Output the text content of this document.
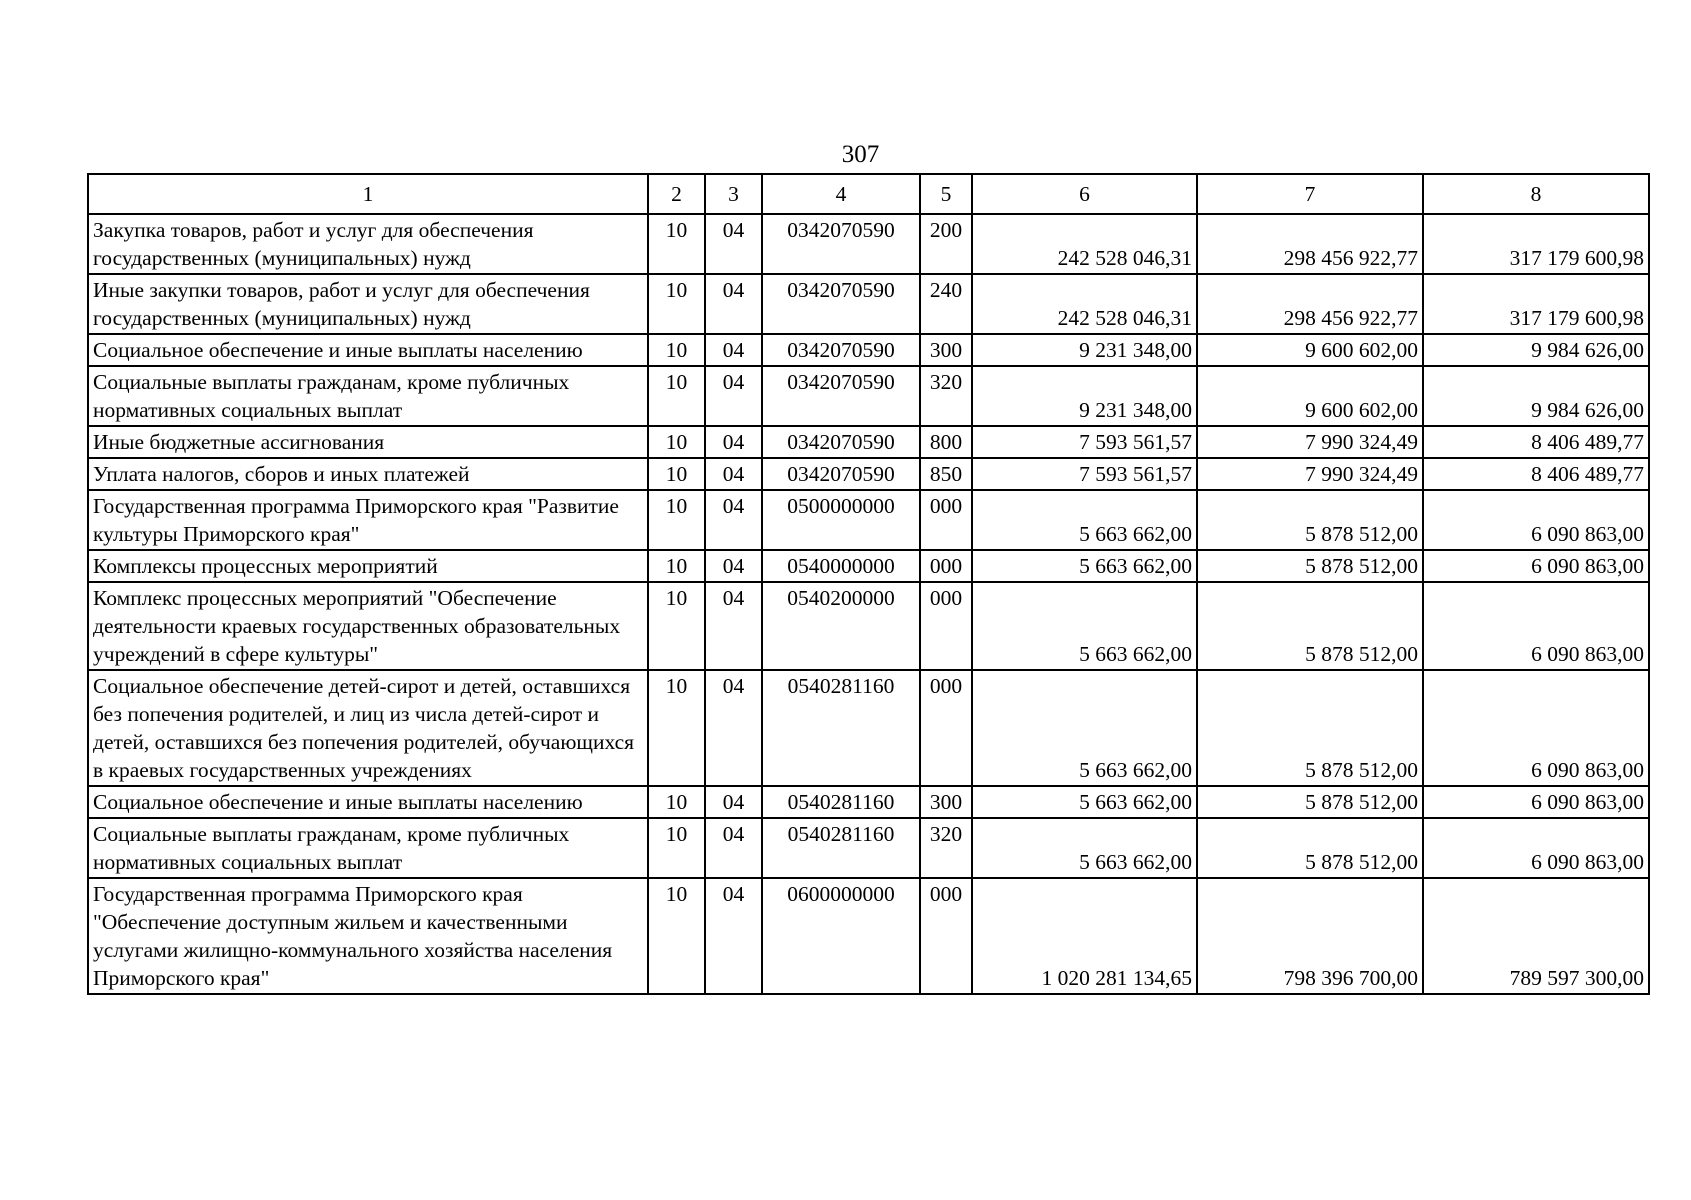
307
1	2	3	4	5	6	7	8
Закупка товаров, работ и услуг для обеспечения государственных (муниципальных) нужд	10	04	0342070590	200	242 528 046,31	298 456 922,77	317 179 600,98
Иные закупки товаров, работ и услуг для обеспечения государственных (муниципальных) нужд	10	04	0342070590	240	242 528 046,31	298 456 922,77	317 179 600,98
Социальное обеспечение и иные выплаты населению	10	04	0342070590	300	9 231 348,00	9 600 602,00	9 984 626,00
Социальные выплаты гражданам, кроме публичных нормативных социальных выплат	10	04	0342070590	320	9 231 348,00	9 600 602,00	9 984 626,00
Иные бюджетные ассигнования	10	04	0342070590	800	7 593 561,57	7 990 324,49	8 406 489,77
Уплата налогов, сборов и иных платежей	10	04	0342070590	850	7 593 561,57	7 990 324,49	8 406 489,77
Государственная программа Приморского края "Развитие культуры Приморского края"	10	04	0500000000	000	5 663 662,00	5 878 512,00	6 090 863,00
Комплексы процессных мероприятий	10	04	0540000000	000	5 663 662,00	5 878 512,00	6 090 863,00
Комплекс процессных мероприятий "Обеспечение деятельности краевых государственных образовательных учреждений в сфере культуры"	10	04	0540200000	000	5 663 662,00	5 878 512,00	6 090 863,00
Социальное обеспечение детей-сирот и детей, оставшихся без попечения родителей, и лиц из числа детей-сирот и детей, оставшихся без попечения родителей, обучающихся в краевых государственных учреждениях	10	04	0540281160	000	5 663 662,00	5 878 512,00	6 090 863,00
Социальное обеспечение и иные выплаты населению	10	04	0540281160	300	5 663 662,00	5 878 512,00	6 090 863,00
Социальные выплаты гражданам, кроме публичных нормативных социальных выплат	10	04	0540281160	320	5 663 662,00	5 878 512,00	6 090 863,00
Государственная программа Приморского края "Обеспечение доступным жильем и качественными услугами жилищно-коммунального хозяйства населения Приморского края"	10	04	0600000000	000	1 020 281 134,65	798 396 700,00	789 597 300,00
